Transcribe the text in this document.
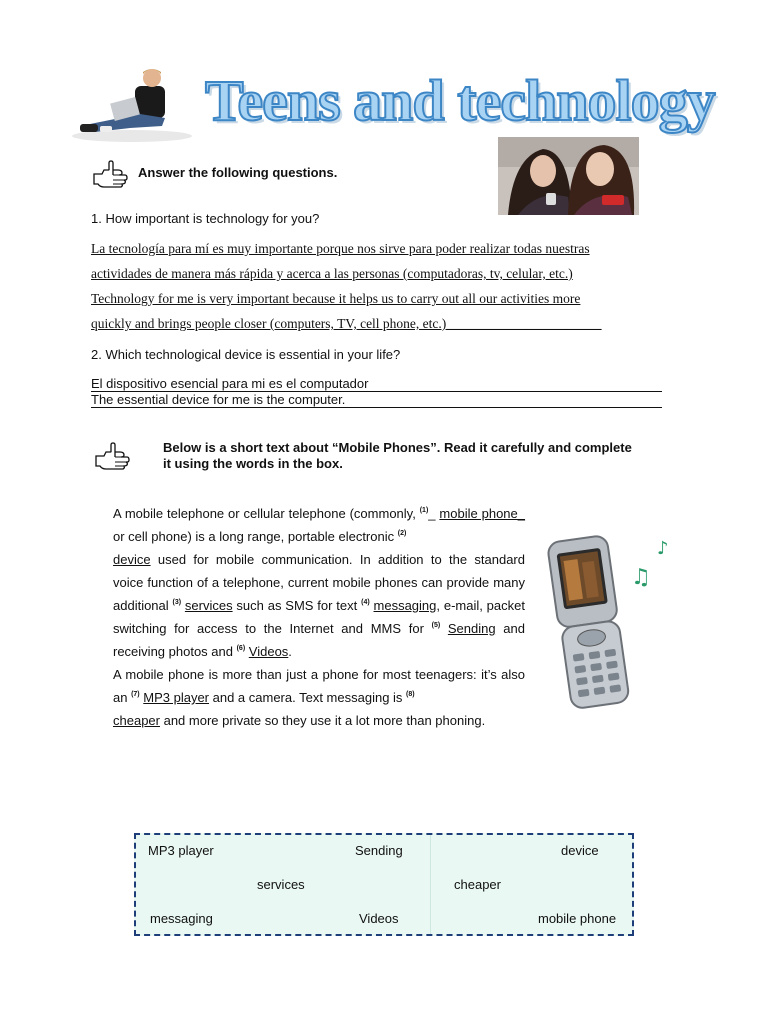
Teens and technology
Answer the following questions.
1. How important is technology for you?
La tecnología para mí es muy importante porque nos sirve para poder realizar todas nuestras
actividades de manera más rápida y acerca a las personas (computadoras, tv, celular, etc.)
Technology for me is very important because it helps us to carry out all our activities more
quickly and brings people closer (computers, TV, cell phone, etc.)_______________________
2. Which technological device is essential in your life?
El dispositivo esencial para mi es el computador
The essential device for me is the computer.
Below is a short text about “Mobile Phones”. Read it carefully and complete
it using the words in the box.
A mobile telephone or cellular telephone (commonly, $^{(1)}$_ mobile phone_ or cell phone) is a long range, portable electronic $^{(2)}$
device used for mobile communication. In addition to the standard voice function of a telephone, current mobile phones can provide many additional $^{(3)}$ services such as SMS for text $^{(4)}$ messaging, e-mail, packet switching for access to the Internet and MMS for $^{(5)}$ Sending and receiving photos and $^{(6)}$ Videos.
A mobile phone is more than just a phone for most teenagers: it’s also an $^{(7)}$ MP3 player and a camera. Text messaging is $^{(8)}$
cheaper and more private so they use it a lot more than phoning.
♪
♫
MP3 player	Sending	device
services	cheaper
messaging	Videos	mobile phone
